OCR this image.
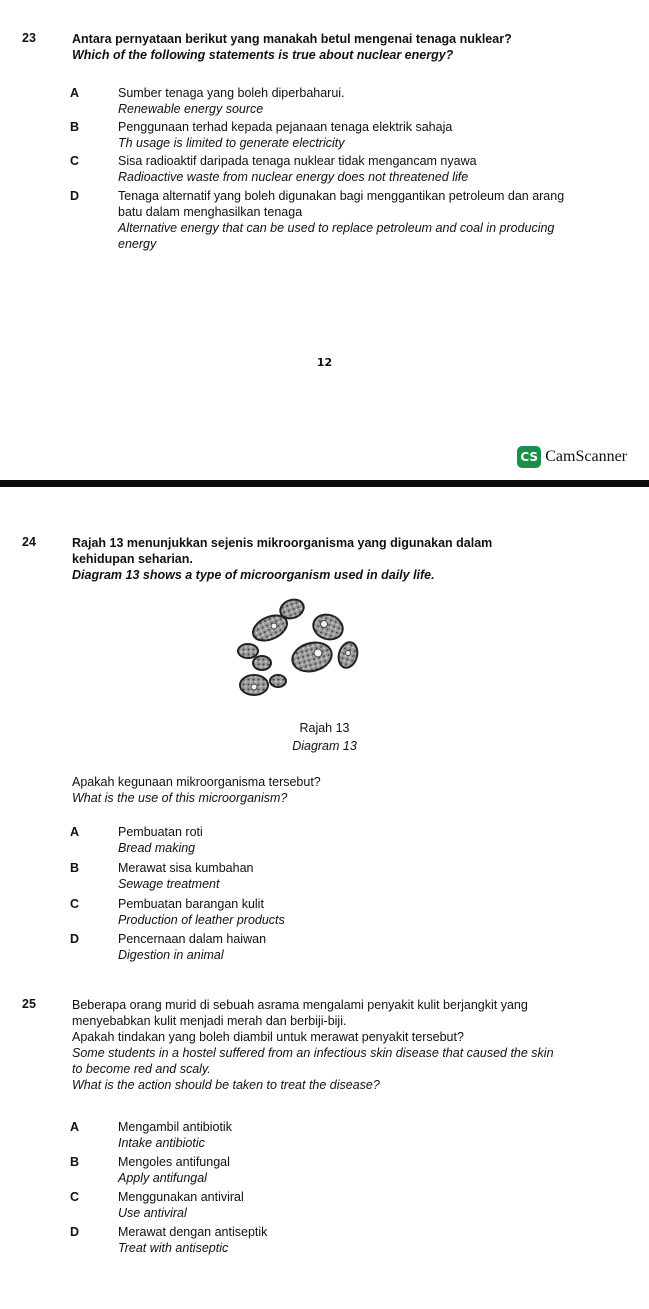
23	Antara pernyataan berikut yang manakah betul mengenai tenaga nuklear?
Which of the following statements is true about nuclear energy?
A	Sumber tenaga yang boleh diperbaharui.
Renewable energy source
B	Penggunaan terhad kepada pejanaan tenaga elektrik sahaja
Th usage is limited to generate electricity
C	Sisa radioaktif daripada tenaga nuklear tidak mengancam nyawa
Radioactive waste from nuclear energy does not threatened life
D	Tenaga alternatif yang boleh digunakan bagi menggantikan petroleum dan arang batu dalam menghasilkan tenaga
Alternative energy that can be used to replace petroleum and coal in producing energy
12
CS CamScanner
24	Rajah 13 menunjukkan sejenis mikroorganisma yang digunakan dalam kehidupan seharian.
Diagram 13 shows a type of microorganism used in daily life.
Rajah 13
Diagram 13
Apakah kegunaan mikroorganisma tersebut?
What is the use of this microorganism?
A	Pembuatan roti
Bread making
B	Merawat sisa kumbahan
Sewage treatment
C	Pembuatan barangan kulit
Production of leather products
D	Pencernaan dalam haiwan
Digestion in animal
25	Beberapa orang murid di sebuah asrama mengalami penyakit kulit berjangkit yang menyebabkan kulit menjadi merah dan berbiji-biji.
Apakah tindakan yang boleh diambil untuk merawat penyakit tersebut?
Some students in a hostel suffered from an infectious skin disease that caused the skin to become red and scaly.
What is the action should be taken to treat the disease?
A	Mengambil antibiotik
Intake antibiotic
B	Mengoles antifungal
Apply antifungal
C	Menggunakan antiviral
Use antiviral
D	Merawat dengan antiseptik
Treat with antiseptic
